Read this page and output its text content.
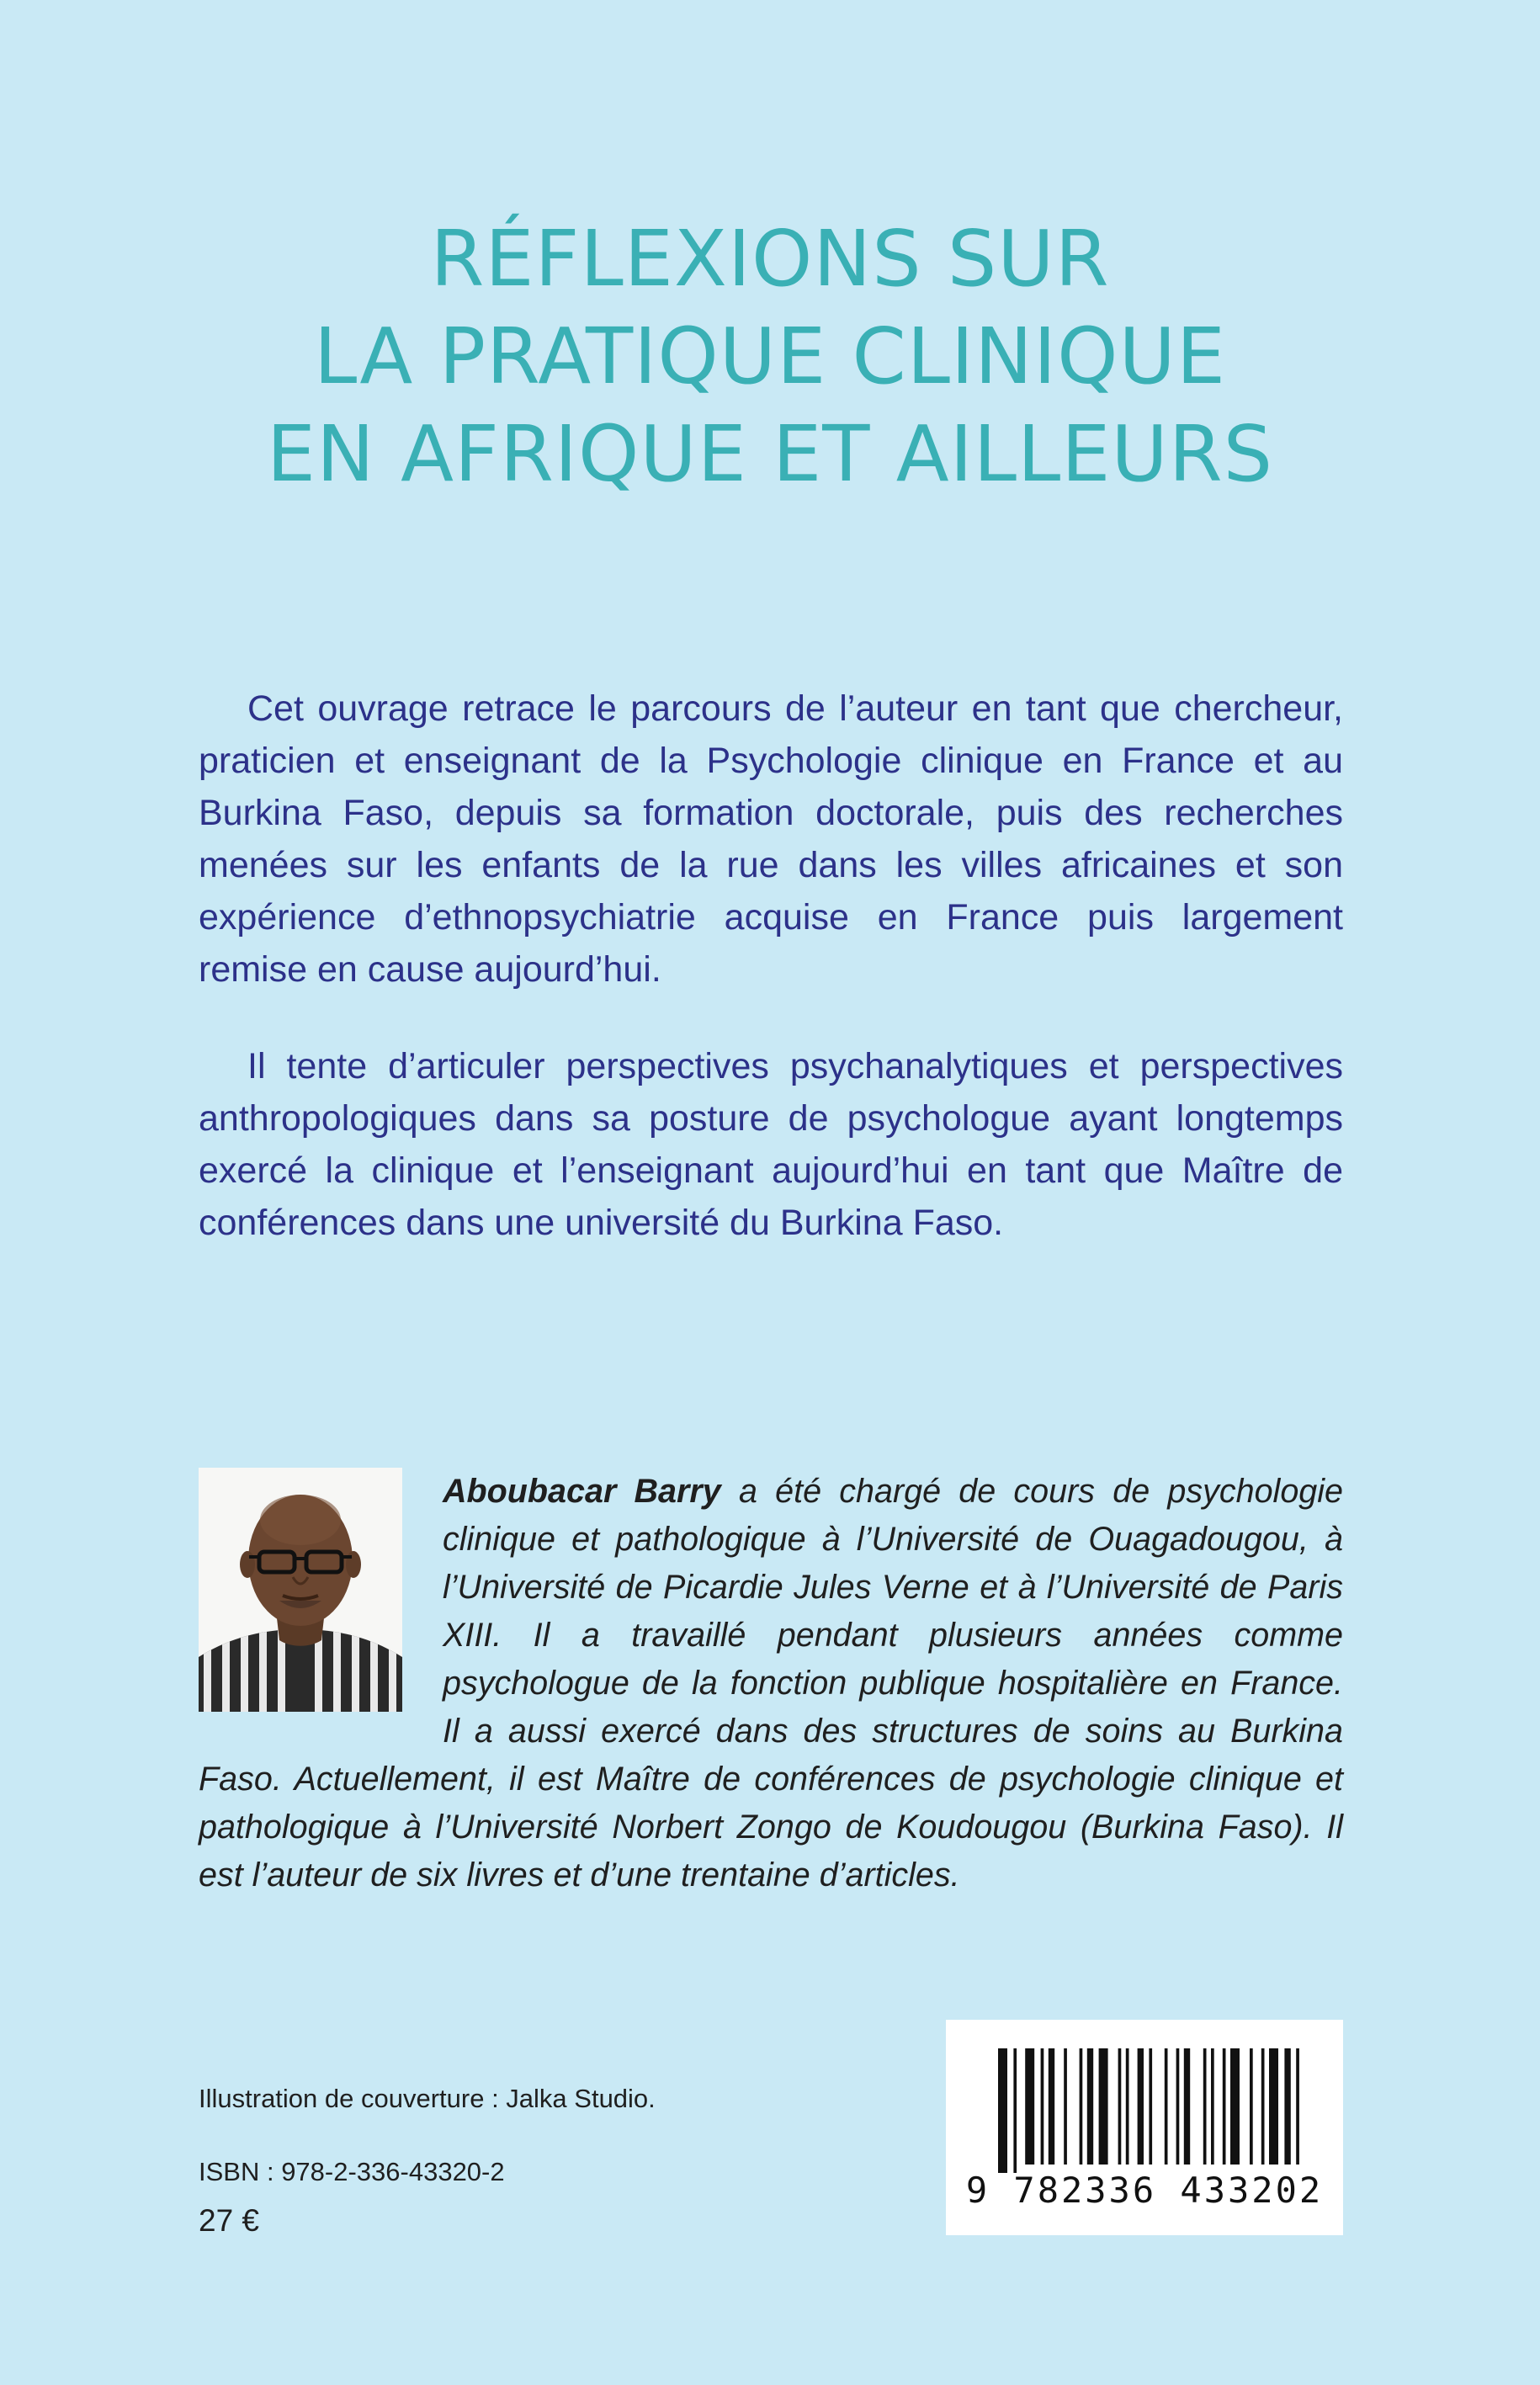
RÉFLEXIONS SUR
LA PRATIQUE CLINIQUE
EN AFRIQUE ET AILLEURS

Cet ouvrage retrace le parcours de l’auteur en tant que chercheur, praticien et enseignant de la Psychologie clinique en France et au Burkina Faso, depuis sa formation doctorale, puis des recherches menées sur les enfants de la rue dans les villes africaines et son expérience d’ethnopsychiatrie acquise en France puis largement remise en cause aujourd’hui.

Il tente d’articuler perspectives psychanalytiques et perspectives anthropologiques dans sa posture de psychologue ayant longtemps exercé la clinique et l’enseignant aujourd’hui en tant que Maître de conférences dans une université du Burkina Faso.

Aboubacar Barry a été chargé de cours de psychologie clinique et pathologique à l’Université de Ouagadougou, à l’Université de Picardie Jules Verne et à l’Université de Paris XIII. Il a travaillé pendant plusieurs années comme psychologue de la fonction publique hospitalière en France. Il a aussi exercé dans des structures de soins au Burkina Faso. Actuellement, il est Maître de conférences de psychologie clinique et pathologique à l’Université Norbert Zongo de Koudougou (Burkina Faso). Il est l’auteur de six livres et d’une trentaine d’articles.

Illustration de couverture : Jalka Studio.
ISBN : 978-2-336-43320-2
27 €
9 782336 433202
